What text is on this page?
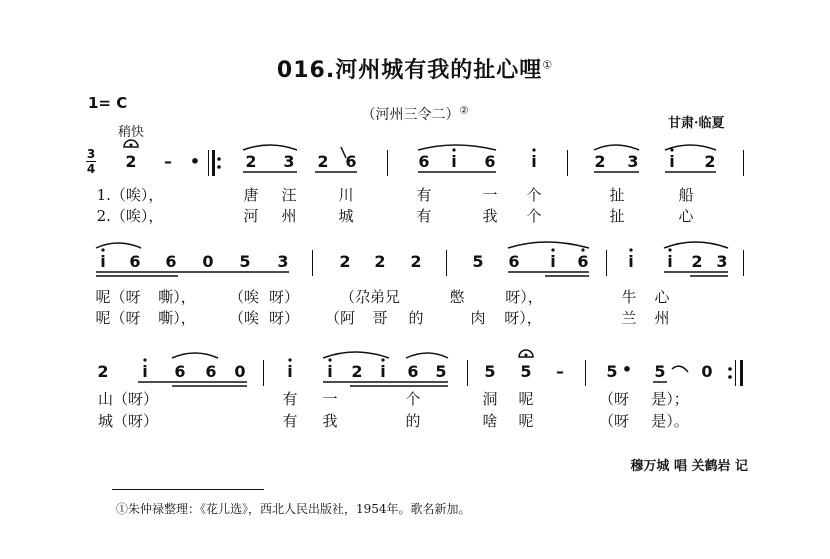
016.河州城有我的扯心哩①
1= C
（河州三令二）②
稍快
甘肃·临夏
3
4 2 – •	2 3 2 6	6 i 6 i	2 3 i 2
1.（唉），	唐 汪	川	有	一 个	扯	船
2.（唉），	河 州	城	有	我 个	扯	心
i 6 6 0 5 3	2 2 2	5 6 i 6 i i 2 3
呢（呀 嘶）， （唉 呀）	（尕弟兄	憋	呀），	牛 心
呢（呀 嘶）， （唉 呀） （阿 哥 的	肉 呀），	兰 州
2 i 6 6 0	i i 2 i 6 5 5 5 –	5 • 5 0
山（呀）	有 一	个	洞 呢	（呀 是）；
城（呀）	有 我	的	啥 呢	（呀 是）。
穆万城 唱 关鹤岩 记
①朱仲禄整理：《花儿选》，西北人民出版社，1954年。歌名新加。
